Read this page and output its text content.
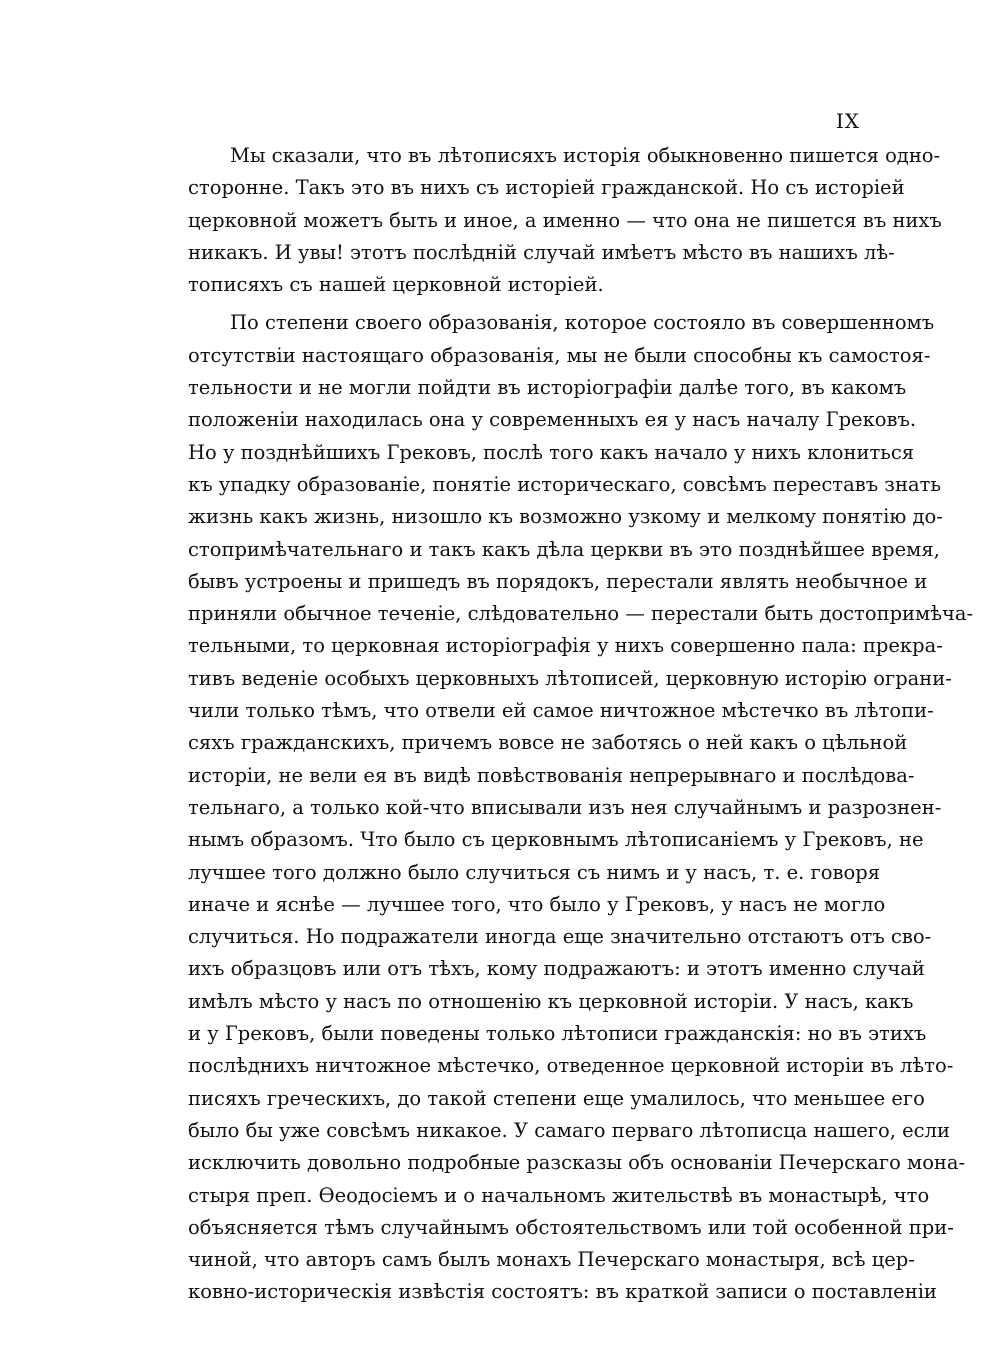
IX
Мы сказали, что въ лѣтописяхъ исторія обыкновенно пишется одно-
сторонне. Такъ это въ нихъ съ исторіей гражданской. Но съ исторіей
церковной можетъ быть и иное, а именно — что она не пишется въ нихъ
никакъ. И увы! этотъ послѣдній случай имѣетъ мѣсто въ нашихъ лѣ-
тописяхъ съ нашей церковной исторіей.
По степени своего образованія, которое состояло въ совершенномъ
отсутствіи настоящаго образованія, мы не были способны къ самостоя-
тельности и не могли пойдти въ исторіографіи далѣе того, въ какомъ
положеніи находилась она у современныхъ ея у насъ началу Грековъ.
Но у позднѣйшихъ Грековъ, послѣ того какъ начало у нихъ клониться
къ упадку образованіе, понятіе историческаго, совсѣмъ переставъ знать
жизнь какъ жизнь, низошло къ возможно узкому и мелкому понятію до-
стопримѣчательнаго и такъ какъ дѣла церкви въ это позднѣйшее время,
бывъ устроены и пришедъ въ порядокъ, перестали являть необычное и
приняли обычное теченіе, слѣдовательно — перестали быть достопримѣча-
тельными, то церковная исторіографія у нихъ совершенно пала: прекра-
тивъ веденіе особыхъ церковныхъ лѣтописей, церковную исторію ограни-
чили только тѣмъ, что отвели ей самое ничтожное мѣстечко въ лѣтопи-
сяхъ гражданскихъ, причемъ вовсе не заботясь о ней какъ о цѣльной
исторіи, не вели ея въ видѣ повѣствованія непрерывнаго и послѣдова-
тельнаго, а только кой-что вписывали изъ нея случайнымъ и разрознен-
нымъ образомъ. Что было съ церковнымъ лѣтописаніемъ у Грековъ, не
лучшее того должно было случиться съ нимъ и у насъ, т. е. говоря
иначе и яснѣе — лучшее того, что было у Грековъ, у насъ не могло
случиться. Но подражатели иногда еще значительно отстаютъ отъ сво-
ихъ образцовъ или отъ тѣхъ, кому подражаютъ: и этотъ именно случай
имѣлъ мѣсто у насъ по отношенію къ церковной исторіи. У насъ, какъ
и у Грековъ, были поведены только лѣтописи гражданскія: но въ этихъ
послѣднихъ ничтожное мѣстечко, отведенное церковной исторіи въ лѣто-
писяхъ греческихъ, до такой степени еще умалилось, что меньшее его
было бы уже совсѣмъ никакое. У самаго перваго лѣтописца нашего, если
исключить довольно подробные разсказы объ основаніи Печерскаго мона-
стыря преп. Ѳеодосіемъ и о начальномъ жительствѣ въ монастырѣ, что
объясняется тѣмъ случайнымъ обстоятельствомъ или той особенной при-
чиной, что авторъ самъ былъ монахъ Печерскаго монастыря, всѣ цер-
ковно-историческія извѣстія состоятъ: въ краткой записи о поставленіи
